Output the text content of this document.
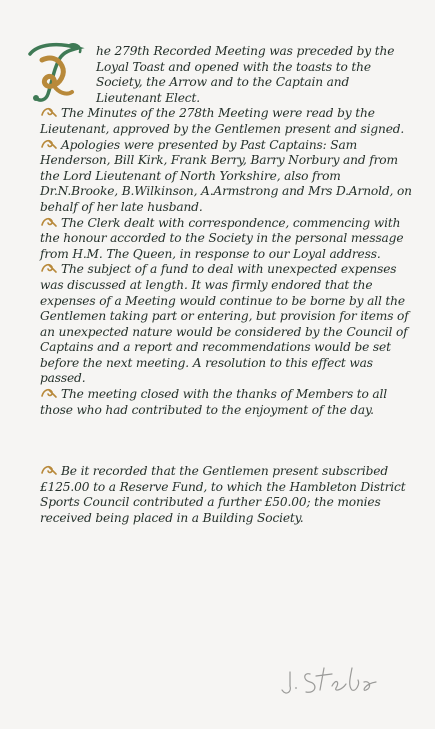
he 279th Recorded Meeting was preceded by the Loyal Toast and opened with the toasts to the Society, the Arrow and to the Captain and Lieutenant Elect.

The Minutes of the 278th Meeting were read by the Lieutenant, approved by the Gentlemen present and signed.

Apologies were presented by Past Captains: Sam Henderson, Bill Kirk, Frank Berry, Barry Norbury and from the Lord Lieutenant of North Yorkshire, also from Dr.N.Brooke, B.Wilkinson, A.Armstrong and Mrs D.Arnold, on behalf of her late husband.

The Clerk dealt with correspondence, commencing with the honour accorded to the Society in the personal message from H.M. The Queen, in response to our Loyal address.

The subject of a fund to deal with unexpected expenses was discussed at length. It was firmly endored that the expenses of a Meeting would continue to be borne by all the Gentlemen taking part or entering, but provision for items of an unexpected nature would be considered by the Council of Captains and a report and recommendations would be set before the next meeting. A resolution to this effect was passed.

The meeting closed with the thanks of Members to all those who had contributed to the enjoyment of the day.

Be it recorded that the Gentlemen present subscribed £125.00 to a Reserve Fund, to which the Hambleton District Sports Council contributed a further £50.00; the monies received being placed in a Building Society.
